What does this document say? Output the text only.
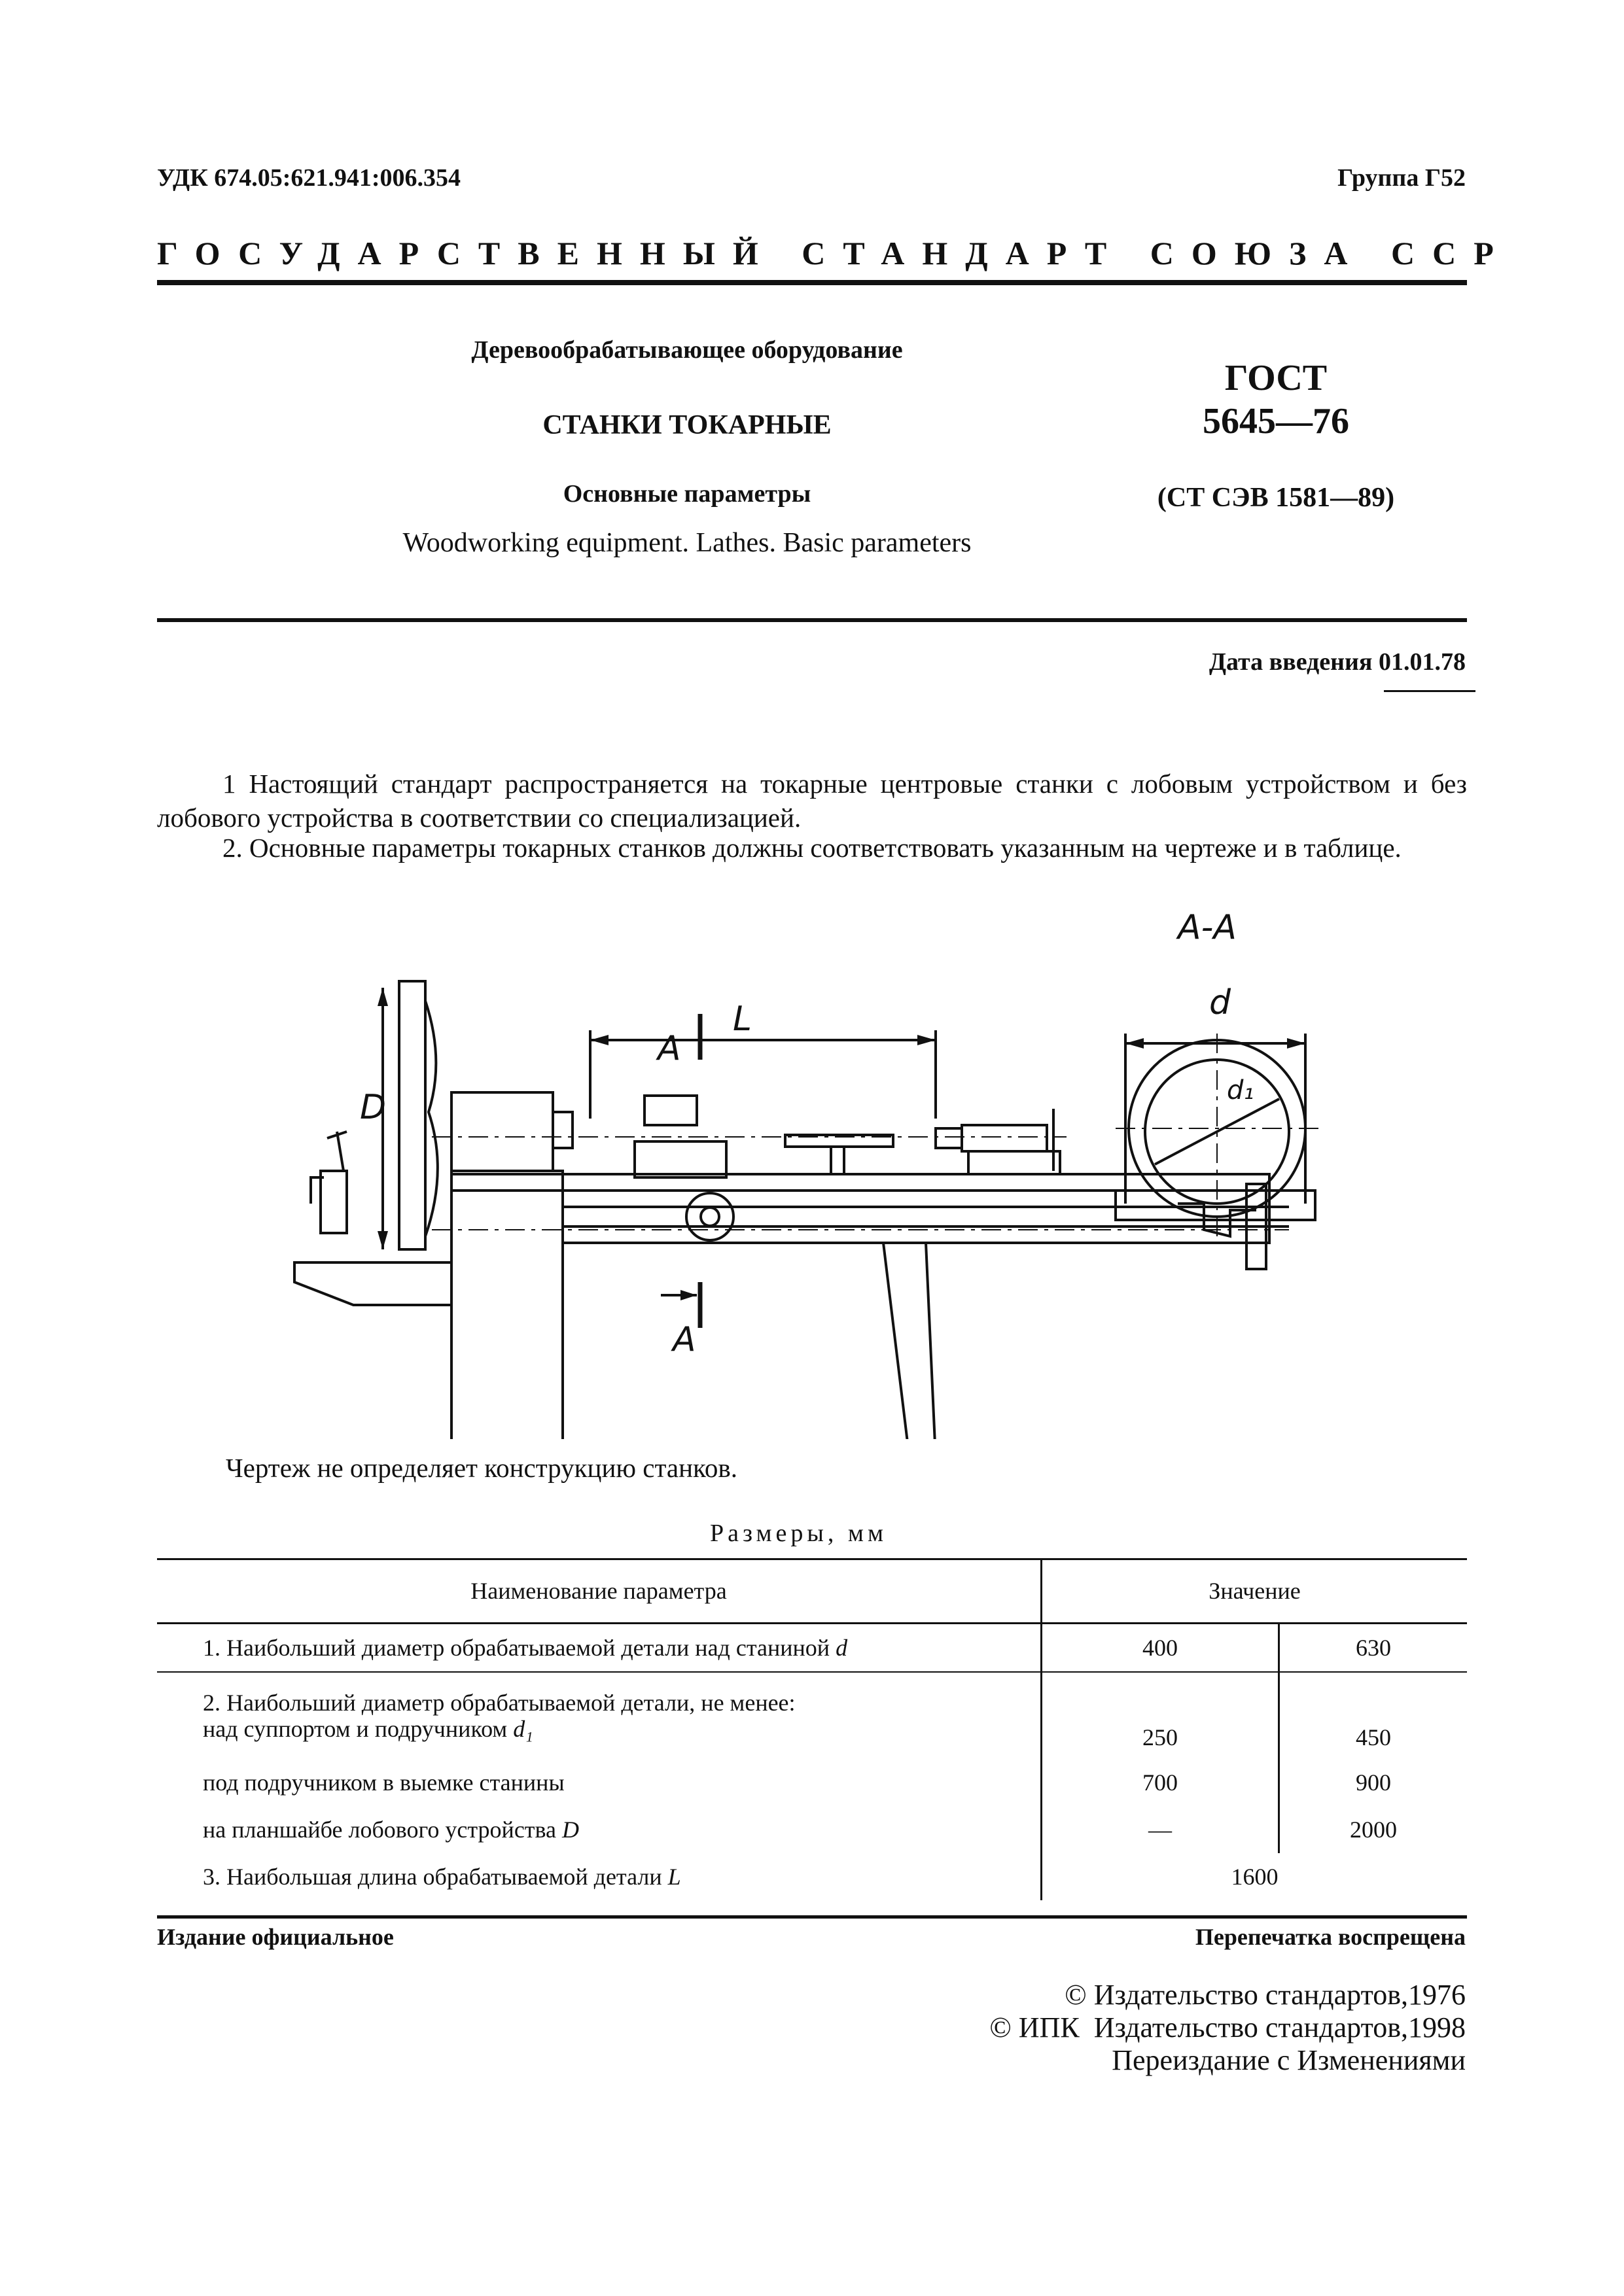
УДК 674.05:621.941:006.354	Группа Г52
ГОСУДАРСТВЕННЫЙ СТАНДАРТ СОЮЗА ССР
Деревообрабатывающее оборудование
СТАНКИ ТОКАРНЫЕ
Основные параметры
Woodworking equipment. Lathes. Basic parameters
ГОСТ
5645—76
(СТ СЭВ 1581—89)
Дата введения 01.01.78
1 Настоящий стандарт распространяется на токарные центровые станки с лобовым устройством и без лобового устройства в соответствии со специализацией.
2. Основные параметры токарных станков должны соответствовать указанным на чертеже и в таблице.
А-А
А
А
L
D
d
d₁
Чертеж не определяет конструкцию станков.
Размеры, мм
Наименование параметра	Значение	
1. Наибольший диаметр обрабатываемой детали над станиной d	400	630

2. Наибольший диаметр обрабатываемой детали, не менее:
над суппортом и подручником d₁	250	450
под подручником в выемке станины	700	900
на планшайбе лобового устройства D	—	2000
3. Наибольшая длина обрабатываемой детали L	1600	
Издание официальное	Перепечатка воспрещена
© Издательство стандартов,1976
© ИПК  Издательство стандартов,1998
Переиздание с Изменениями
